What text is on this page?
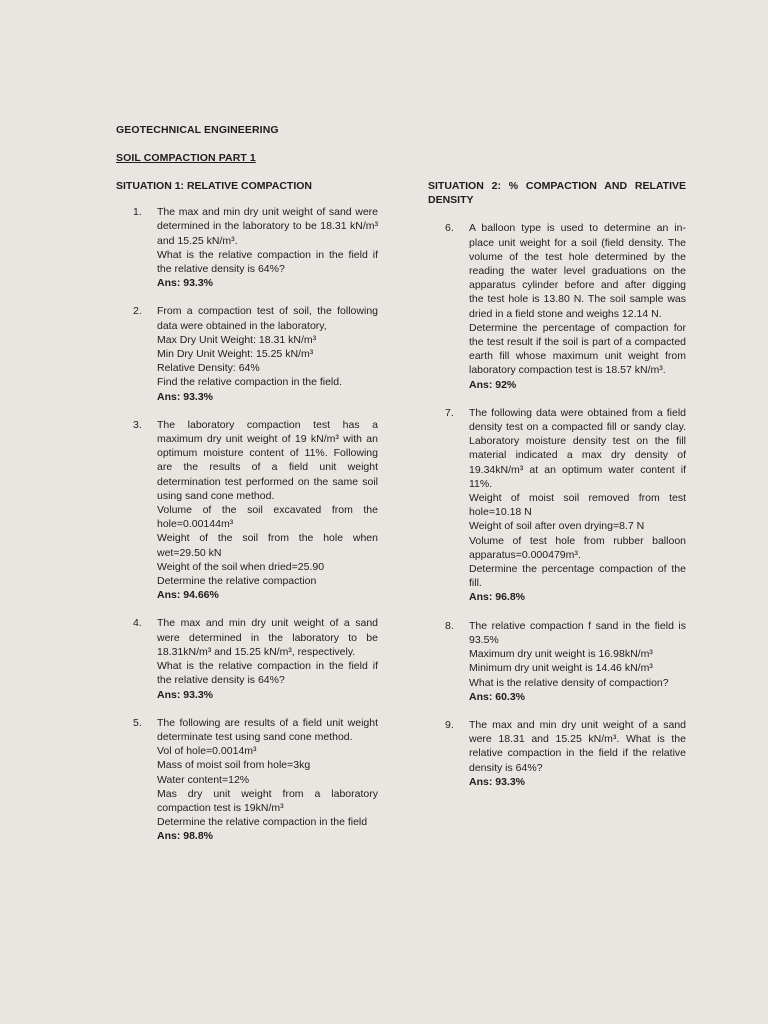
GEOTECHNICAL ENGINEERING
SOIL COMPACTION PART 1
SITUATION 1: RELATIVE COMPACTION
1. The max and min dry unit weight of sand were determined in the laboratory to be 18.31 kN/m³ and 15.25 kN/m³.
What is the relative compaction in the field if the relative density is 64%?
Ans: 93.3%
2. From a compaction test of soil, the following data were obtained in the laboratory,
Max Dry Unit Weight: 18.31 kN/m³
Min Dry Unit Weight: 15.25 kN/m³
Relative Density: 64%
Find the relative compaction in the field.
Ans: 93.3%
3. The laboratory compaction test has a maximum dry unit weight of 19 kN/m³ with an optimum moisture content of 11%. Following are the results of a field unit weight determination test performed on the same soil using sand cone method.
Volume of the soil excavated from the hole=0.00144m³
Weight of the soil from the hole when wet=29.50 kN
Weight of the soil when dried=25.90
Determine the relative compaction
Ans: 94.66%
4. The max and min dry unit weight of a sand were determined in the laboratory to be 18.31kN/m³ and 15.25 kN/m³, respectively.
What is the relative compaction in the field if the relative density is 64%?
Ans: 93.3%
5. The following are results of a field unit weight determinate test using sand cone method.
Vol of hole=0.0014m³
Mass of moist soil from hole=3kg
Water content=12%
Mas dry unit weight from a laboratory compaction test is 19kN/m³
Determine the relative compaction in the field
Ans: 98.8%
SITUATION 2: % COMPACTION AND RELATIVE DENSITY
6. A balloon type is used to determine an in-place unit weight for a soil (field density. The volume of the test hole determined by the reading the water level graduations on the apparatus cylinder before and after digging the test hole is 13.80 N. The soil sample was dried in a field stone and weighs 12.14 N.
Determine the percentage of compaction for the test result if the soil is part of a compacted earth fill whose maximum unit weight from laboratory compaction test is 18.57 kN/m³.
Ans: 92%
7. The following data were obtained from a field density test on a compacted fill or sandy clay. Laboratory moisture density test on the fill material indicated a max dry density of 19.34kN/m³ at an optimum water content if 11%.
Weight of moist soil removed from test hole=10.18 N
Weight of soil after oven drying=8.7 N
Volume of test hole from rubber balloon apparatus=0.000479m³.
Determine the percentage compaction of the fill.
Ans: 96.8%
8. The relative compaction f sand in the field is 93.5%
Maximum dry unit weight is 16.98kN/m³
Minimum dry unit weight is 14.46 kN/m³
What is the relative density of compaction?
Ans: 60.3%
9. The max and min dry unit weight of a sand were 18.31 and 15.25 kN/m³. What is the relative compaction in the field if the relative density is 64%?
Ans: 93.3%
